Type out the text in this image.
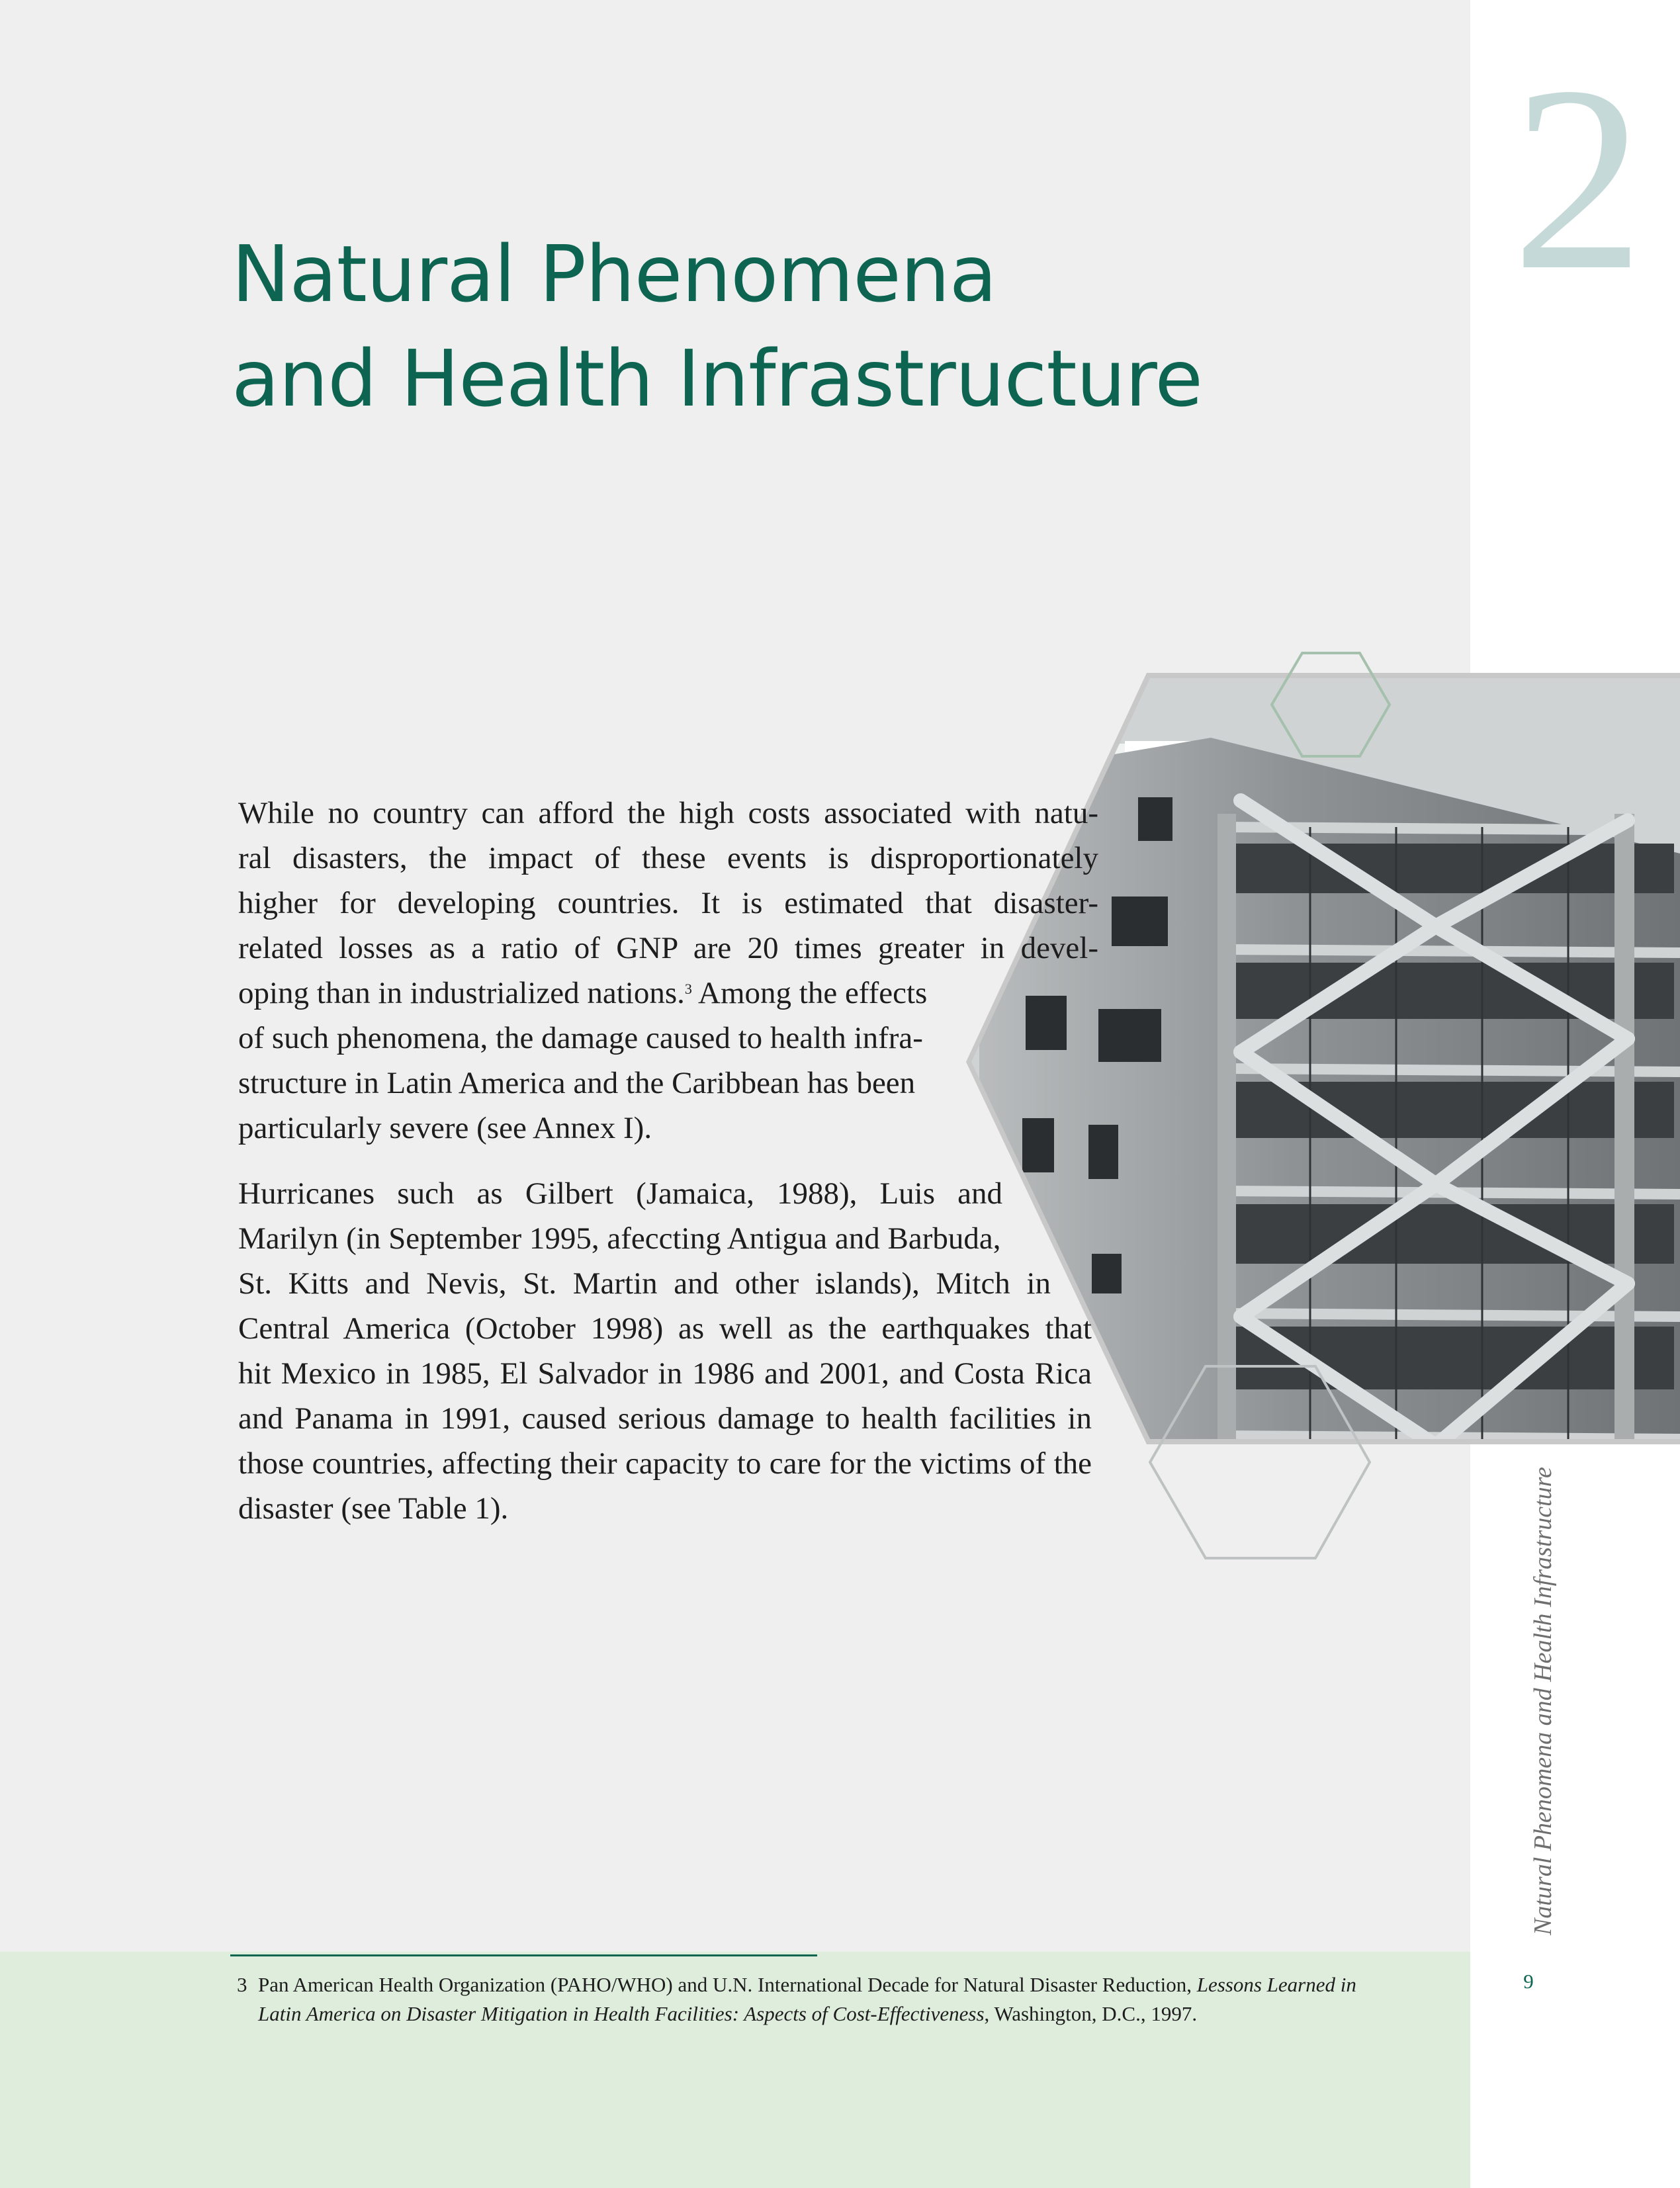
2
Natural Phenomena
and Health Infrastructure

While no country can afford the high costs associated with natu-
ral disasters, the impact of these events is disproportionately
higher for developing countries. It is estimated that disaster-
related losses as a ratio of GNP are 20 times greater in devel-
oping than in industrialized nations.$^3$ Among the effects
of such phenomena, the damage caused to health infra-
structure in Latin America and the Caribbean has been
particularly severe (see Annex I).

Hurricanes such as Gilbert (Jamaica, 1988), Luis and
Marilyn (in September 1995, afeccting Antigua and Barbuda,
St. Kitts and Nevis, St. Martin and other islands), Mitch in
Central America (October 1998) as well as the earthquakes that
hit Mexico in 1985, El Salvador in 1986 and 2001, and Costa Rica
and Panama in 1991, caused serious damage to health facilities in
those countries, affecting their capacity to care for the victims of the
disaster (see Table 1).

3 Pan American Health Organization (PAHO/WHO) and U.N. International Decade for Natural Disaster Reduction, Lessons Learned in
Latin America on Disaster Mitigation in Health Facilities: Aspects of Cost-Effectiveness, Washington, D.C., 1997.

9
Natural Phenomena and Health Infrastructure
